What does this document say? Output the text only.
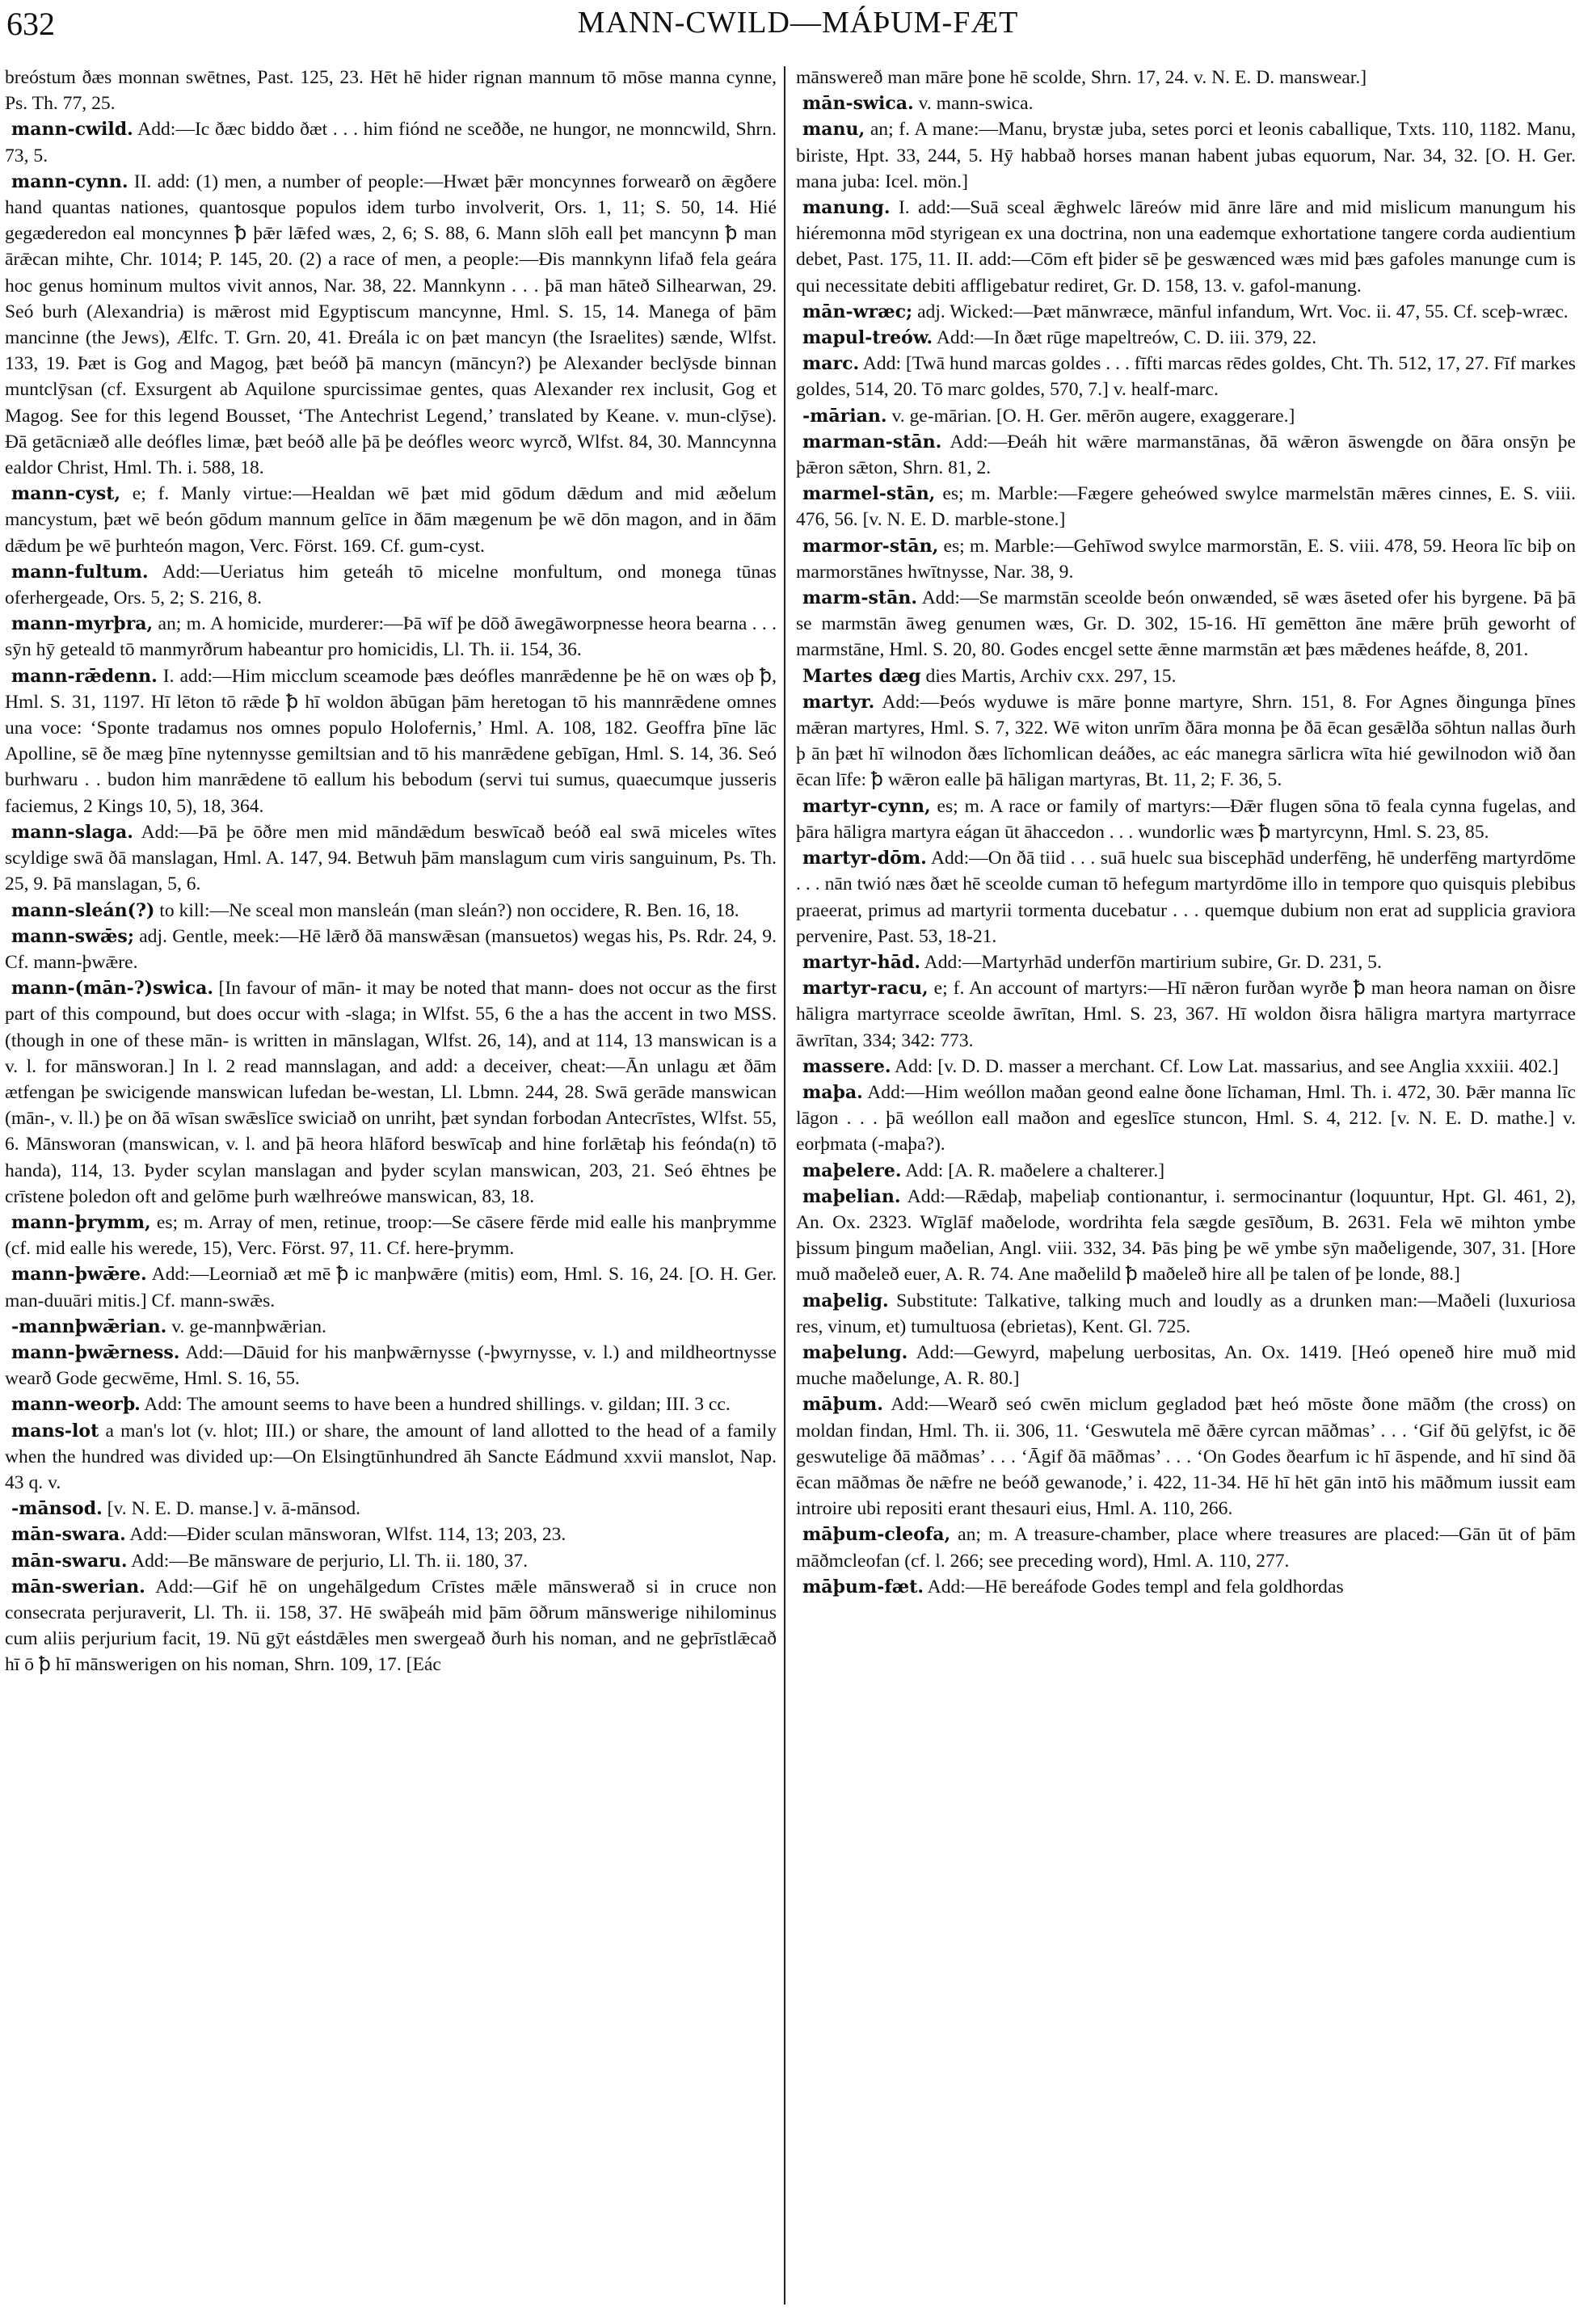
632	MANN-CWILD—MÁÞUM-FÆT

breóstum ðæs monnan swētnes, Past. 125, 23. Hēt hē hider rignan mannum tō mōse manna cynne, Ps. Th. 77, 25.

mann-cwild. Add:—Ic ðæc biddo ðæt . . . him fiónd ne sceððe, ne hungor, ne monncwild, Shrn. 73, 5.

mann-cynn. II. add: (1) men, a number of people:—Hwæt þǣr moncynnes forwearð on ǣgðere hand quantas nationes, quantosque populos idem turbo involverit, Ors. 1, 11; S. 50, 14. Hié gegæderedon eal moncynnes ꝥ þǣr lǣfed wæs, 2, 6; S. 88, 6. Mann slōh eall þet mancynn ꝥ man ārǣcan mihte, Chr. 1014; P. 145, 20. (2) a race of men, a people:—Ðis mannkynn lifað fela geára hoc genus hominum multos vivit annos, Nar. 38, 22. Mannkynn . . . þā man hāteð Silhearwan, 29. Seó burh (Alexandria) is mǣrost mid Egyptiscum mancynne, Hml. S. 15, 14. Manega of þām mancinne (the Jews), Ælfc. T. Grn. 20, 41. Ðreála ic on þæt mancyn (the Israelites) sænde, Wlfst. 133, 19. Þæt is Gog and Magog, þæt beóð þā mancyn (māncyn?) þe Alexander beclȳsde binnan muntclȳsan (cf. Exsurgent ab Aquilone spurcissimae gentes, quas Alexander rex inclusit, Gog et Magog. See for this legend Bousset, ‘The Antechrist Legend,’ translated by Keane. v. mun-clȳse). Ðā getācniæð alle deófles limæ, þæt beóð alle þā þe deófles weorc wyrcð, Wlfst. 84, 30. Manncynna ealdor Christ, Hml. Th. i. 588, 18.

mann-cyst, e; f. Manly virtue:—Healdan wē þæt mid gōdum dǣdum and mid æðelum mancystum, þæt wē beón gōdum mannum gelīce in ðām mægenum þe wē dōn magon, and in ðām dǣdum þe wē þurhteón magon, Verc. Först. 169. Cf. gum-cyst.

mann-fultum. Add:—Ueriatus him geteáh tō micelne monfultum, ond monega tūnas oferhergeade, Ors. 5, 2; S. 216, 8.

mann-myrþra, an; m. A homicide, murderer:—Þā wīf þe dōð āwegāworpnesse heora bearna . . . sȳn hȳ geteald tō manmyrðrum habeantur pro homicidis, Ll. Th. ii. 154, 36.

mann-rǣdenn. I. add:—Him micclum sceamode þæs deófles manrǣdenne þe hē on wæs oþ ꝥ, Hml. S. 31, 1197. Hī lēton tō rǣde ꝥ hī woldon ābūgan þām heretogan tō his mannrǣdene omnes una voce: ‘Sponte tradamus nos omnes populo Holofernis,’ Hml. A. 108, 182. Geoffra þīne lāc Apolline, sē ðe mæg þīne nytennysse gemiltsian and tō his manrǣdene gebīgan, Hml. S. 14, 36. Seó burhwaru . . budon him manrǣdene tō eallum his bebodum (servi tui sumus, quaecumque jusseris faciemus, 2 Kings 10, 5), 18, 364.

mann-slaga. Add:—Þā þe ōðre men mid māndǣdum beswīcað beóð eal swā miceles wītes scyldige swā ðā manslagan, Hml. A. 147, 94. Betwuh þām manslagum cum viris sanguinum, Ps. Th. 25, 9. Þā manslagan, 5, 6.

mann-sleán(?) to kill:—Ne sceal mon mansleán (man sleán?) non occidere, R. Ben. 16, 18.

mann-swǣs; adj. Gentle, meek:—Hē lǣrð ðā manswǣsan (mansuetos) wegas his, Ps. Rdr. 24, 9. Cf. mann-þwǣre.

mann-(mān-?)swica. [In favour of mān- it may be noted that mann- does not occur as the first part of this compound, but does occur with -slaga; in Wlfst. 55, 6 the a has the accent in two MSS. (though in one of these mān- is written in mānslagan, Wlfst. 26, 14), and at 114, 13 manswican is a v. l. for mānsworan.] In l. 2 read mannslagan, and add: a deceiver, cheat:—Ān unlagu æt ðām ætfengan þe swicigende manswican lufedan be-westan, Ll. Lbmn. 244, 28. Swā gerāde manswican (mān-, v. ll.) þe on ðā wīsan swǣslīce swiciað on unriht, þæt syndan forbodan Antecrīstes, Wlfst. 55, 6. Mānsworan (manswican, v. l. and þā heora hlāford beswīcaþ and hine forlǣtaþ his feónda(n) tō handa), 114, 13. Þyder scylan manslagan and þyder scylan manswican, 203, 21. Seó ēhtnes þe crīstene þoledon oft and gelōme þurh wælhreówe manswican, 83, 18.

mann-þrymm, es; m. Array of men, retinue, troop:—Se cāsere fērde mid ealle his manþrymme (cf. mid ealle his werede, 15), Verc. Först. 97, 11. Cf. here-þrymm.

mann-þwǣre. Add:—Leorniað æt mē ꝥ ic manþwǣre (mitis) eom, Hml. S. 16, 24. [O. H. Ger. man-duuāri mitis.] Cf. mann-swǣs.

-mannþwǣrian. v. ge-mannþwǣrian.

mann-þwǣrness. Add:—Dāuid for his manþwǣrnysse (-þwyrnysse, v. l.) and mildheortnysse wearð Gode gecwēme, Hml. S. 16, 55.

mann-weorþ. Add: The amount seems to have been a hundred shillings. v. gildan; III. 3 cc.

mans-lot a man's lot (v. hlot; III.) or share, the amount of land allotted to the head of a family when the hundred was divided up:—On Elsingtūnhundred āh Sancte Eádmund xxvii manslot, Nap. 43 q. v.

-mānsod. [v. N. E. D. manse.] v. ā-mānsod.

mān-swara. Add:—Ðider sculan mānsworan, Wlfst. 114, 13; 203, 23.

mān-swaru. Add:—Be mānsware de perjurio, Ll. Th. ii. 180, 37.

mān-swerian. Add:—Gif hē on ungehālgedum Crīstes mǣle mānswerað si in cruce non consecrata perjuraverit, Ll. Th. ii. 158, 37. Hē swāþeáh mid þām ōðrum mānswerige nihilominus cum aliis perjurium facit, 19. Nū gȳt eástdǣles men swergeað ðurh his noman, and ne geþrīstlǣcað hī ō ꝥ hī mānswerigen on his noman, Shrn. 109, 17. [Eác

mānswereð man māre þone hē scolde, Shrn. 17, 24. v. N. E. D. manswear.]

mān-swica. v. mann-swica.

manu, an; f. A mane:—Manu, brystæ juba, setes porci et leonis caballique, Txts. 110, 1182. Manu, biriste, Hpt. 33, 244, 5. Hȳ habbað horses manan habent jubas equorum, Nar. 34, 32. [O. H. Ger. mana juba: Icel. mön.]

manung. I. add:—Suā sceal ǣghwelc lāreów mid ānre lāre and mid mislicum manungum his hiéremonna mōd styrigean ex una doctrina, non una eademque exhortatione tangere corda audientium debet, Past. 175, 11. II. add:—Cōm eft þider sē þe geswænced wæs mid þæs gafoles manunge cum is qui necessitate debiti affligebatur rediret, Gr. D. 158, 13. v. gafol-manung.

mān-wræc; adj. Wicked:—Þæt mānwræce, mānful infandum, Wrt. Voc. ii. 47, 55. Cf. sceþ-wræc.

mapul-treów. Add:—In ðæt rūge mapeltreów, C. D. iii. 379, 22.

marc. Add: [Twā hund marcas goldes . . . fīfti marcas rēdes goldes, Cht. Th. 512, 17, 27. Fīf markes goldes, 514, 20. Tō marc goldes, 570, 7.] v. healf-marc.

-mārian. v. ge-mārian. [O. H. Ger. mērōn augere, exaggerare.]

marman-stān. Add:—Ðeáh hit wǣre marmanstānas, ðā wǣron āswengde on ðāra onsȳn þe þǣron sǣton, Shrn. 81, 2.

marmel-stān, es; m. Marble:—Fægere geheówed swylce marmelstān mǣres cinnes, E. S. viii. 476, 56. [v. N. E. D. marble-stone.]

marmor-stān, es; m. Marble:—Gehīwod swylce marmorstān, E. S. viii. 478, 59. Heora līc biþ on marmorstānes hwītnysse, Nar. 38, 9.

marm-stān. Add:—Se marmstān sceolde beón onwænded, sē wæs āseted ofer his byrgene. Þā þā se marmstān āweg genumen wæs, Gr. D. 302, 15-16. Hī gemētton āne mǣre þrūh geworht of marmstāne, Hml. S. 20, 80. Godes encgel sette ǣnne marmstān æt þæs mǣdenes heáfde, 8, 201.

Martes dæg dies Martis, Archiv cxx. 297, 15.

martyr. Add:—Þeós wyduwe is māre þonne martyre, Shrn. 151, 8. For Agnes ðingunga þīnes mǣran martyres, Hml. S. 7, 322. Wē witon unrīm ðāra monna þe ðā ēcan gesǣlða sōhtun nallas ðurh þ ān þæt hī wilnodon ðæs līchomlican deáðes, ac eác manegra sārlicra wīta hié gewilnodon wið ðan ēcan līfe: ꝥ wǣron ealle þā hāligan martyras, Bt. 11, 2; F. 36, 5.

martyr-cynn, es; m. A race or family of martyrs:—Ðǣr flugen sōna tō feala cynna fugelas, and þāra hāligra martyra eágan ūt āhaccedon . . . wundorlic wæs ꝥ martyrcynn, Hml. S. 23, 85.

martyr-dōm. Add:—On ðā tiid . . . suā huelc sua biscephād underfēng, hē underfēng martyrdōme . . . nān twió næs ðæt hē sceolde cuman tō hefegum martyrdōme illo in tempore quo quisquis plebibus praeerat, primus ad martyrii tormenta ducebatur . . . quemque dubium non erat ad supplicia graviora pervenire, Past. 53, 18-21.

martyr-hād. Add:—Martyrhād underfōn martirium subire, Gr. D. 231, 5.

martyr-racu, e; f. An account of martyrs:—Hī nǣron furðan wyrðe ꝥ man heora naman on ðisre hāligra martyrrace sceolde āwrītan, Hml. S. 23, 367. Hī woldon ðisra hāligra martyra martyrrace āwrītan, 334; 342: 773.

massere. Add: [v. D. D. masser a merchant. Cf. Low Lat. massarius, and see Anglia xxxiii. 402.]

maþa. Add:—Him weóllon maðan geond ealne ðone līchaman, Hml. Th. i. 472, 30. Þǣr manna līc lāgon . . . þā weóllon eall maðon and egeslīce stuncon, Hml. S. 4, 212. [v. N. E. D. mathe.] v. eorþmata (-maþa?).

maþelere. Add: [A. R. maðelere a chalterer.]

maþelian. Add:—Rǣdaþ, maþeliaþ contionantur, i. sermocinantur (loquuntur, Hpt. Gl. 461, 2), An. Ox. 2323. Wīglāf maðelode, wordrihta fela sægde gesīðum, B. 2631. Fela wē mihton ymbe þissum þingum maðelian, Angl. viii. 332, 34. Þās þing þe wē ymbe sȳn maðeligende, 307, 31. [Hore muð maðeleð euer, A. R. 74. Ane maðelild ꝥ maðeleð hire all þe talen of þe londe, 88.]

maþelig. Substitute: Talkative, talking much and loudly as a drunken man:—Maðeli (luxuriosa res, vinum, et) tumultuosa (ebrietas), Kent. Gl. 725.

maþelung. Add:—Gewyrd, maþelung uerbositas, An. Ox. 1419. [Heó openeð hire muð mid muche maðelunge, A. R. 80.]

māþum. Add:—Wearð seó cwēn miclum gegladod þæt heó mōste ðone māðm (the cross) on moldan findan, Hml. Th. ii. 306, 11. ‘Geswutela mē ðǣre cyrcan māðmas’ . . . ‘Gif ðū gelȳfst, ic ðē geswutelige ðā māðmas’ . . . ‘Āgif ðā māðmas’ . . . ‘On Godes ðearfum ic hī āspende, and hī sind ðā ēcan māðmas ðe nǣfre ne beóð gewanode,’ i. 422, 11-34. Hē hī hēt gān intō his māðmum iussit eam introire ubi repositi erant thesauri eius, Hml. A. 110, 266.

māþum-cleofa, an; m. A treasure-chamber, place where treasures are placed:—Gān ūt of þām māðmcleofan (cf. l. 266; see preceding word), Hml. A. 110, 277.

māþum-fæt. Add:—Hē bereáfode Godes templ and fela goldhordas
